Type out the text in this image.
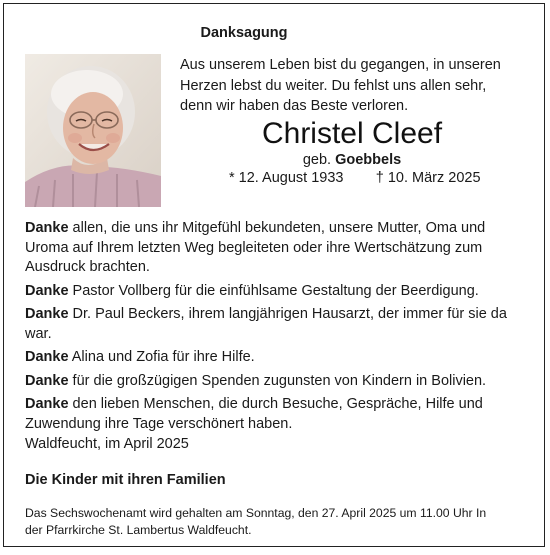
Danksagung
Aus unserem Leben bist du gegangen, in unseren
Herzen lebst du weiter. Du fehlst uns allen sehr,
denn wir haben das Beste verloren.
Christel Cleef
geb. Goebbels
* 12. August 1933 † 10. März 2025

Danke allen, die uns ihr Mitgefühl bekundeten, unsere Mutter, Oma und Uroma auf Ihrem letzten Weg begleiteten oder ihre Wertschätzung zum Ausdruck brachten.

Danke Pastor Vollberg für die einfühlsame Gestaltung der Beerdigung.

Danke Dr. Paul Beckers, ihrem langjährigen Hausarzt, der immer für sie da war.

Danke Alina und Zofia für ihre Hilfe.

Danke für die großzügigen Spenden zugunsten von Kindern in Bolivien.

Danke den lieben Menschen, die durch Besuche, Gespräche, Hilfe und Zuwendung ihre Tage verschönert haben.

Waldfeucht, im April 2025
Die Kinder mit ihren Familien
Das Sechswochenamt wird gehalten am Sonntag, den 27. April 2025 um 11.00 Uhr In
der Pfarrkirche St. Lambertus Waldfeucht.
